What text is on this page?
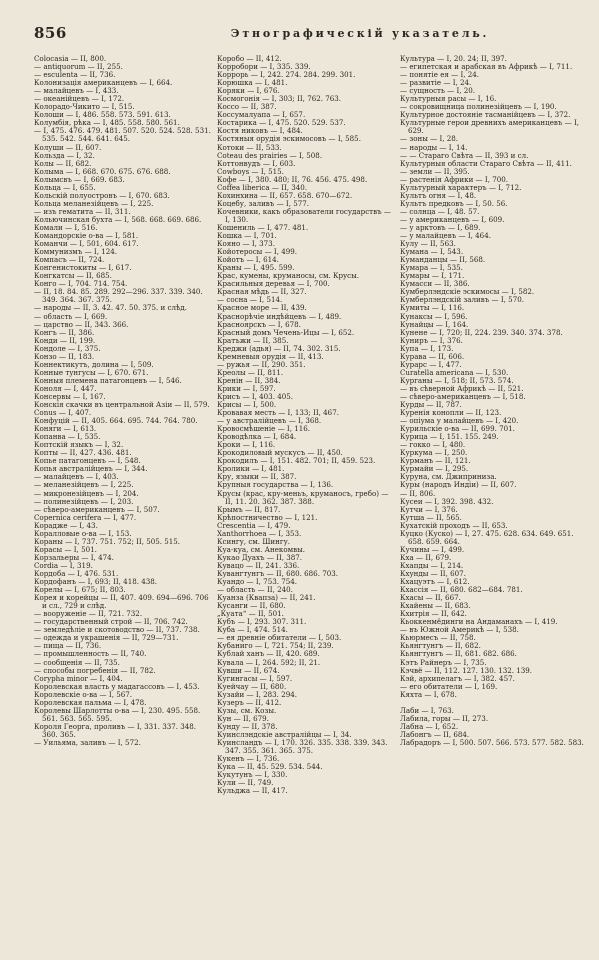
856	Этнографическій указатель.
Colocasia — II, 800.
— antiquorum — II, 255.
— esculenta — II, 736.
Колонизація американцевъ — I, 664.
— малайцевъ — I, 433.
— океанійцевъ — I, 172.
Колорадо-Чикито — I, 515.
Колоши — I, 486. 558. 573. 591. 613.
Колумбія, рѣка — I, 485. 558. 580. 561.
— I, 475. 476. 479. 481. 507. 520. 524. 528. 531. 535. 542. 544. 641. 645.
Колуши — II, 607.
Кользда — I, 32.
Колы — II, 682.
Колыма — I, 668. 670. 675. 676. 688.
Колымсвъ — I, 669. 683.
Кольца — I, 655.
Кольскій полуостровъ — I, 670. 683.
Кольца меланезійцевъ — I, 225.
— изъ гематита — II, 311.
Кольючинская бухта — I, 568. 668. 669. 686.
Комали — I, 516.
Командорскіе о-ва — I, 581.
Команчи — I, 501, 604. 617.
Коммунизмъ — I, 124.
Компасъ — II, 724.
Конгенистокиты — I, 617.
Конгкатсы — II, 685.
Конго — I, 704. 714. 754.
— II, 18. 84. 85. 289. 292—296. 337. 339. 340. 349. 364. 367. 375.
— народы — II, 3. 42. 47. 50. 375. и слѣд.
— область — I, 669.
— царство — II, 343. 366.
Конгъ — II, 386.
Конди — II, 199.
Кондоле — I, 375.
Конзо — II, 183.
Коннектикутъ, долина — I, 509.
Конные тунгусы — I, 670. 671.
Конныя племена патагонцевъ — I, 546.
Коноля — I, 447.
Консервы — I, 167.
Конскія скачки въ центральной Азіи — II, 579.
Conus — I, 407.
Конфуцій — II, 405. 664. 695. 744. 764. 780.
Коняги — I, 613.
Копанва — I, 535.
Коптскій языкъ — I, 32.
Копты — II, 427. 436. 481.
Копье патагонцевъ — I, 548.
Копья австралійцевъ — I, 344.
— малайцевъ — I, 403.
— меланезійцевъ — I, 225.
— микронезійцевъ — I, 204.
— полинезійцевъ — I, 203.
— сѣверо-американцевъ — I, 507.
Copernica cerifera — I, 477.
Корадже — I, 43.
Коралловые о-ва — I, 153.
Кораны — I, 737. 751. 752; II, 505. 515.
Корасы — I, 501.
Корзальеры — I, 474.
Cordia — I, 319.
Кордоба — I, 476. 531.
Кордофанъ — I, 693; II, 418. 438.
Корелы — I, 675; II, 803.
Корея и корейцы — II, 407. 409. 694—696. 706 и сл., 729 и слѣд.
— вооруженіе — II, 721. 732.
— государственный строй — II, 706. 742.
— земледѣліе и скотоводство — II, 737. 738.
— одежда и украшенія — II, 729—731.
— пища — II, 736.
— промышленность — II, 740.
— сообщенія — II, 735.
— способы погребенія — II, 782.
Corypha minor — I, 404.
Королевская власть у мадагассовъ — I, 453.
Королевскіе о-ва — I, 567.
Королевская пальма — I, 478.
Королевы Шарлотты о-ва — I, 230. 495. 558. 561. 563. 565. 595.
Короля Георга, проливъ — I, 331. 337. 348. 360. 365.
— Уильяма, заливъ — I, 572.
Коробо — II, 412.
Корробори — I, 335. 339.
Коррорь — I, 242. 274. 284. 299. 301.
Корюшка — I, 481.
Коряки — I, 676.
Космогонія — I, 303; II, 762. 763.
Коссо — II, 387.
Коссумалуапа — I, 657.
Костарика — I, 475. 520. 529. 537.
Костя никовъ — I, 484.
Костяныя орудія эскимосовъ — I, 585.
Котоки — II, 533.
Coteau des prairies — I, 508.
Коттонвудъ — I, 603.
Cowboys — I, 515.
Кофе — I, 380. 480; II, 76. 456. 475. 498.
Coffea liberica — II, 340.
Кохинхина — II, 657. 658. 670—672.
Коцебу, заливъ — I, 577.
Кочевники, какъ образователи государствъ — I, 130.
Кошениль — I, 477. 481.
Кошка — I, 701.
Кояно — I, 373.
Койотеросы — I, 499.
Койотъ — I, 614.
Краны — I, 495. 599.
Крас, кумены, круманосы, см. Крусы.
Красильныя деревья — I, 700.
Красная мѣдь — II, 327.
— сосна — I, 514.
Красное море — II, 439.
Краснорѣчіе индѣйцевъ — I, 489.
Красноярскъ — I, 678.
Красный домъ Чечень-Ицы — I, 652.
Кратъжи — II, 385.
Креджи (адья) — II, 74. 302. 315.
Кремневыя орудія — II, 413.
— ружья — II, 290. 351.
Креолы — II, 811.
Кренін — II, 384.
Крики — I, 597.
Крисъ — I, 403. 405.
Крисы — I, 500.
Кровавая месть — I, 133; II, 467.
— у австралійцевъ — I, 368.
Кровосмѣшеніе — I, 116.
Кроводѣлка — I, 684.
Кроки — I, 116.
Крокодиловый мускусъ — II, 450.
Крокодилъ — I, 151. 482. 701; II, 459. 523.
Кролики — I, 481.
Кру, языки — II, 387.
Крупныя государства — I, 136.
Крусы (крас, кру-меньъ, круманосъ, гребо) — II, 11. 20. 362. 387. 388.
Крымъ — II, 817.
Крѣпостничество — I, 121.
Crescentia — I, 479.
Xanthorrhoea — I, 353.
Ксингу, см. Шингу.
Куа-куа, см. Анекомвы.
Кукао Дуахъ — II, 387.
Кувацо — II, 241. 336.
Кувангтунгъ — II, 680. 686. 703.
Куандо — I, 753. 754.
— область — II, 240.
Куанза (Квапза) — II, 241.
Кусанги — II, 680.
„Куата“ — II, 501.
Кубъ — I, 293. 307. 311.
Куба — I, 474. 514.
— ея древніе обитатели — I, 503.
Кубаниго — I, 721. 754; II, 239.
Кублай ханъ — II, 420. 689.
Кувала — I, 264. 592; II, 21.
Кувши — II, 674.
Кугингасы — I, 597.
Куейчау — II, 680.
Кузайи — I, 283. 294.
Кузеръ — II, 412.
Кузы, см. Козы.
Кун — II, 679.
Кунду — II, 378.
Куинслэндскіе австралійцы — I, 34.
Куинсландъ — I, 170. 326. 335. 338. 339. 343. 347. 355. 361. 365. 375.
Кукенъ — I, 736.
Кука — II, 45. 529. 534. 544.
Кукутунъ — I, 330.
Кули — II, 749.
Кульджа — II, 417.
Культура — I, 20. 24; II, 397.
— египетская и арабская въ Африкѣ — I, 711.
— понятіе ея — I, 24.
— развитіе — I, 24.
— сущность — I, 20.
Культурныя расы — I, 16.
— сокровищница полинезійцевъ — I, 190.
Культурное достояніе тасманійцевъ — I, 372.
Культурные герои древнихъ американцевъ — I, 629.
— зоны — I, 28.
— народы — I, 14.
— — Стараго Свѣта — II, 393 и сл.
Культурныя области Стараго Свѣта — II, 411.
— земли — II, 395.
— растенія Африки — I, 700.
Культурный характеръ — I, 712.
Культъ огня — I, 48.
Культъ предковъ — I, 50. 56.
— солнца — I, 48. 57.
— у американцевъ — I, 609.
— у арктовъ — I, 689.
— у малайцевъ — I, 464.
Кулу — II, 563.
Кумана — I, 543.
Куманданцы — II, 568.
Кумара — I, 535.
Кумары — I, 171.
Кумасси — II, 386.
Кумберлэндскіе эскимосы — I, 582.
Кумберлэндскій заливъ — I, 570.
Кумиты — I, 116.
Кунаксы — I, 596.
Кунайцы — I, 164.
Кунене — I, 720; II, 224. 239. 340. 374. 378.
Куниръ — I, 376.
Купа — I, 173.
Курава — II, 606.
Курарс — I, 477.
Curatella americana — I, 530.
Курганы — I, 518; II, 573. 574.
— въ сѣверной Африкѣ — II, 521.
— сѣверо-американцевъ — I, 518.
Курды — II, 787.
Куренія конопли — II, 123.
— опіума у малайцевъ — I, 420.
Курильскіе о-ва — II, 699. 701.
Курица — I, 151. 155. 249.
— гокко — I, 480.
Куркума — I, 250.
Курманъ — II, 121.
Курмайи — I, 295.
Куруна, см. Джиприниза.
Куры (народъ Индіи) — II, 607.
— II, 806.
Кусеи — I, 392. 398. 432.
Кутчи — I, 376.
Кутша — II, 565.
Кухатскій проходъ — II, 653.
Куцко (Куско) — I, 27. 475. 628. 634. 649. 651. 658. 659. 664.
Кучины — I, 499.
Кха — II, 679.
Кхапды — I, 214.
Кхунды — II, 607.
Кхацуэтъ — I, 612.
Кхассія — II, 680. 682—684. 781.
Кхасы — II, 667.
Кхайены — II, 683.
Кхитрія — II, 642.
Кьоккенмёдинги на Андаманахъ — I, 419.
— въ Южной Америкѣ — I, 538.
Кьюрмесъ — II, 758.
Кьянгтунгъ — II, 682.
Кьянгтунгъ — II, 681. 682. 686.
Кэтъ Райнеръ — I, 735.
Кэчвё — II, 112. 127. 130. 132. 139.
Кэй, архипелагъ — I, 382. 457.
— его обитатели — I, 169.
Кяхта — I, 678.
Лаби — I, 763.
Лабила, горы — II, 273.
Лабна — I, 652.
Лабонгъ — II, 684.
Лабрадоръ — I, 500. 507. 566. 573. 577. 582. 583.
